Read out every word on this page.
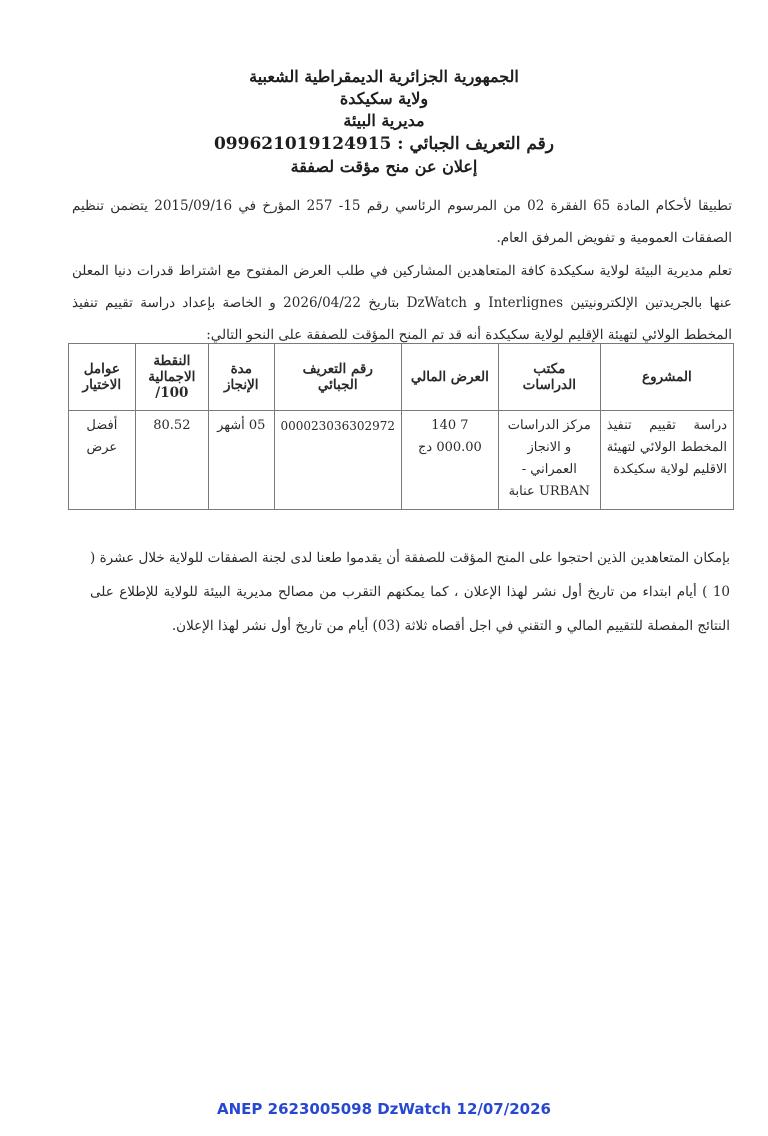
الجمهورية الجزائرية الديمقراطية الشعبية
ولاية سكيكدة
مديرية البيئة
رقم التعريف الجبائي : 099621019124915
إعلان عن منح مؤقت لصفقة
تطبيقا لأحكام المادة 65 الفقرة 02 من المرسوم الرئاسي رقم 15- 257 المؤرخ في 2015/09/16 يتضمن تنظيم الصفقات العمومية و تفويض المرفق العام.
تعلم مديرية البيئة لولاية سكيكدة كافة المتعاهدين المشاركين في طلب العرض المفتوح مع اشتراط قدرات دنيا المعلن عنها بالجريدتين الإلكترونيتين Interlignes و DzWatch بتاريخ 2026/04/22 و الخاصة بإعداد دراسة تقييم تنفيذ المخطط الولائي لتهيئة الإقليم لولاية سكيكدة أنه قد تم المنح المؤقت للصفقة على النحو التالي:
المشروع	مكتب الدراسات	العرض المالي	رقم التعريف الجبائي	مدة الإنجاز	النقطة الاجمالية 100/	عوامل الاختيار
دراسة تقييم تنفيذ المخطط الولائي لتهيئة الاقليم لولاية سكيكدة	مركز الدراسات و الانجاز العمراني - URBAN عنابة	7 140 000.00 دج	000023036302972	05 أشهر	80.52	أفضل عرض
بإمكان المتعاهدين الذين احتجوا على المنح المؤقت للصفقة أن يقدموا طعنا لدى لجنة الصفقات للولاية خلال عشرة ( 10 ) أيام ابتداء من تاريخ أول نشر لهذا الإعلان ، كما يمكنهم التقرب من مصالح مديرية البيئة للولاية للإطلاع على النتائج المفصلة للتقييم المالي و التقني في اجل أقصاه ثلاثة (03) أيام من تاريخ أول نشر لهذا الإعلان.
ANEP 2623005098 DzWatch 12/07/2026
